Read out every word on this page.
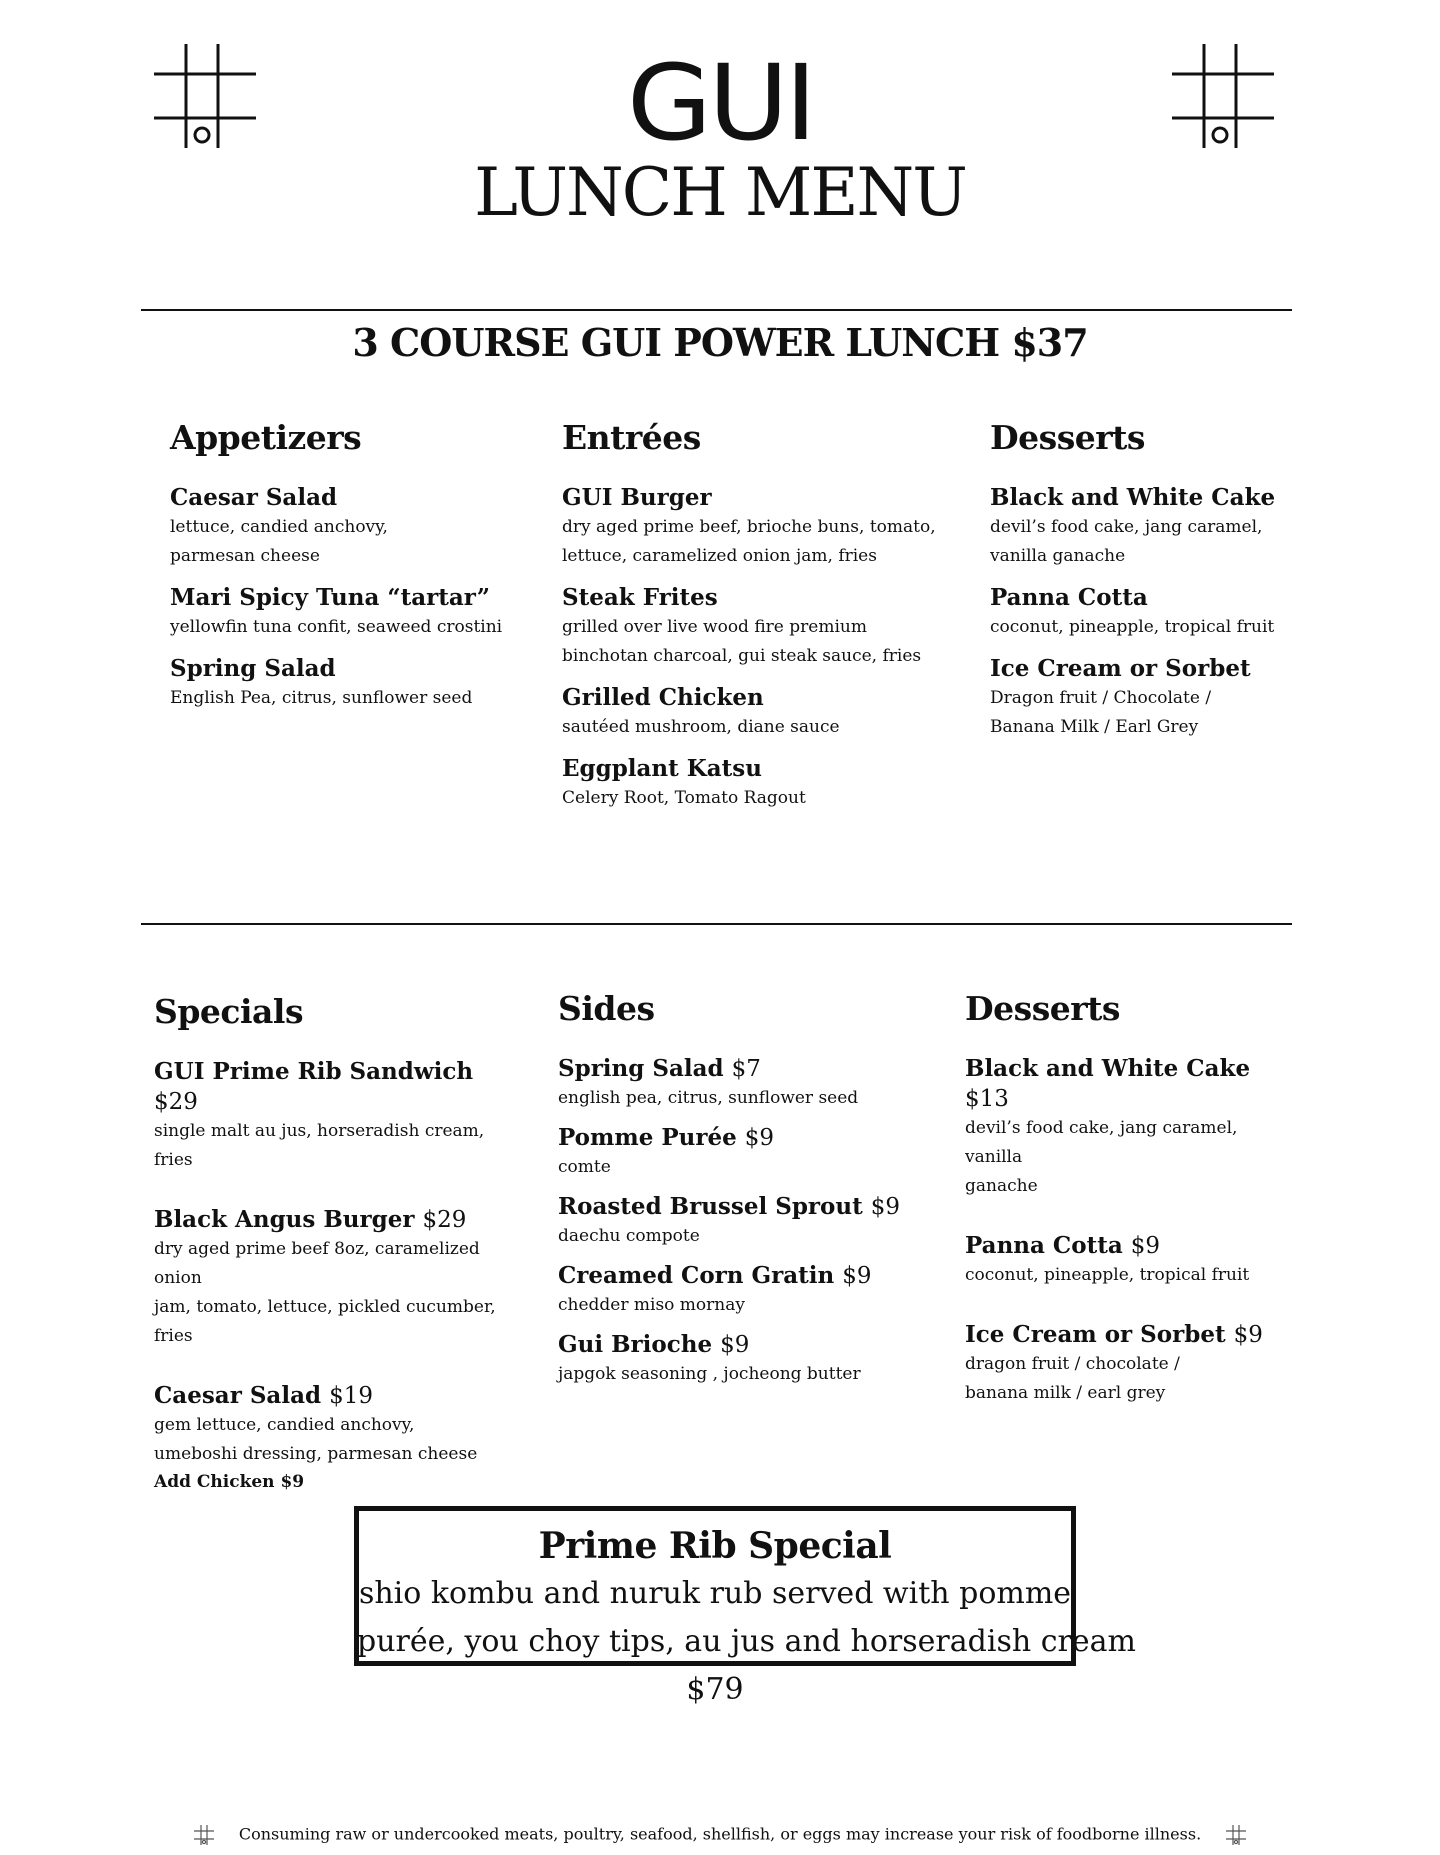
GUI
LUNCH MENU
3 COURSE GUI POWER LUNCH $37
Appetizers
Caesar Salad
lettuce, candied anchovy,
parmesan cheese
Mari Spicy Tuna “tartar”
yellowfin tuna confit, seaweed crostini
Spring Salad
English Pea, citrus, sunflower seed
Entrées
GUI Burger
dry aged prime beef, brioche buns, tomato,
lettuce, caramelized onion jam, fries
Steak Frites
grilled over live wood fire premium
binchotan charcoal, gui steak sauce, fries
Grilled Chicken
sautéed mushroom, diane sauce
Eggplant Katsu
Celery Root, Tomato Ragout
Desserts
Black and White Cake
devil’s food cake, jang caramel,
vanilla ganache
Panna Cotta
coconut, pineapple, tropical fruit
Ice Cream or Sorbet
Dragon fruit / Chocolate /
Banana Milk / Earl Grey
Specials
GUI Prime Rib Sandwich $29
single malt au jus, horseradish cream, fries
Black Angus Burger $29
dry aged prime beef 8oz, caramelized onion
jam, tomato, lettuce, pickled cucumber, fries
Caesar Salad $19
gem lettuce, candied anchovy,
umeboshi dressing, parmesan cheese
Add Chicken $9
Sides
Spring Salad $7
english pea, citrus, sunflower seed
Pomme Purée $9
comte
Roasted Brussel Sprout $9
daechu compote
Creamed Corn Gratin $9
chedder miso mornay
Gui Brioche $9
japgok seasoning , jocheong butter
Desserts
Black and White Cake $13
devil’s food cake, jang caramel, vanilla
ganache
Panna Cotta $9
coconut, pineapple, tropical fruit
Ice Cream or Sorbet $9
dragon fruit / chocolate /
banana milk / earl grey
Prime Rib Special
shio kombu and nuruk rub served with pomme
purée, you choy tips, au jus and horseradish cream
$79
Consuming raw or undercooked meats, poultry, seafood, shellfish, or eggs may increase your risk of foodborne illness.
